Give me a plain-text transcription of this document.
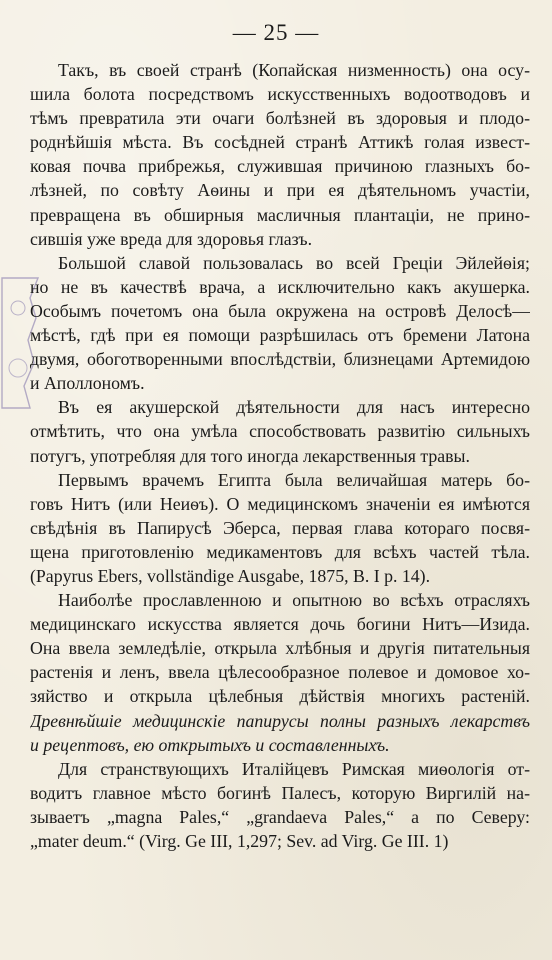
— 25 —

Такъ, въ своей странѣ (Копайская низменность) она осу-
шила болота посредствомъ искусственныхъ водоотводовъ и
тѣмъ превратила эти очаги болѣзней въ здоровыя и плодо-
роднѣйшія мѣста. Въ сосѣдней странѣ Аттикѣ голая извест-
ковая почва прибрежья, служившая причиною глазныхъ бо-
лѣзней, по совѣту Аѳины и при ея дѣятельномъ участіи,
превращена въ обширныя масличныя плантаціи, не прино-
сившія уже вреда для здоровья глазъ.

Большой славой пользовалась во всей Греціи Эйлейѳія;
но не въ качествѣ врача, а исключительно какъ акушерка.
Особымъ почетомъ она была окружена на островѣ Делосѣ—
мѣстѣ, гдѣ при ея помощи разрѣшилась отъ бремени Латона
двумя, обоготворенными впослѣдствіи, близнецами Артемидою
и Аполлономъ.

Въ ея акушерской дѣятельности для насъ интересно
отмѣтить, что она умѣла способствовать развитію сильныхъ
потугъ, употребляя для того иногда лекарственныя травы.

Первымъ врачемъ Египта была величайшая матерь бо-
говъ Нитъ (или Неиѳъ). О медицинскомъ значеніи ея имѣются
свѣдѣнія въ Папирусѣ Эберса, первая глава котораго посвя-
щена приготовленію медикаментовъ для всѣхъ частей тѣла.
(Papyrus Ebers, vollständige Ausgabe, 1875, B. I p. 14).

Наиболѣе прославленною и опытною во всѣхъ отрасляхъ
медицинскаго искусства является дочь богини Нитъ—Изида.
Она ввела земледѣліе, открыла хлѣбныя и другія питательныя
растенія и ленъ, ввела цѣлесообразное полевое и домовое хо-
зяйство и открыла цѣлебныя дѣйствія многихъ растеній.
Древнѣйшіе медицинскіе папирусы полны разныхъ лекарствъ
и рецептовъ, ею открытыхъ и составленныхъ.

Для странствующихъ Италійцевъ Римская миѳологія от-
водитъ главное мѣсто богинѣ Палесъ, которую Виргилій на-
зываетъ „magna Pales,“ „grandaeva Pales,“ а по Северу:
„mater deum.“ (Virg. Ge III, 1,297; Sev. ad Virg. Ge III. 1)
